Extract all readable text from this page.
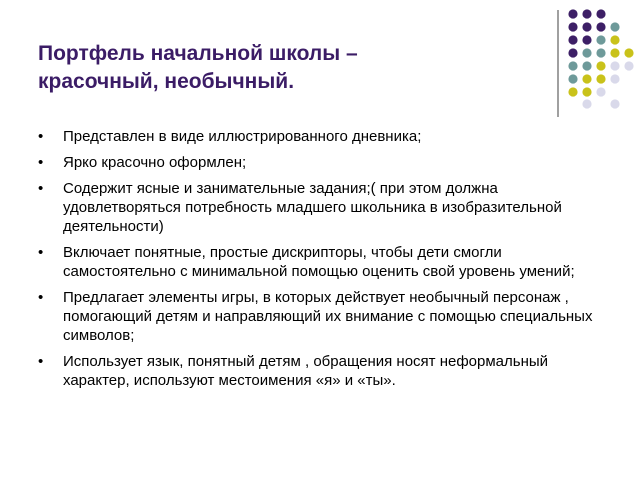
Портфель начальной школы –
красочный, необычный.
• Представлен в виде иллюстрированного дневника;
• Ярко красочно оформлен;
• Содержит ясные и занимательные задания;( при этом должна удовлетворяться потребность младшего школьника в изобразительной деятельности)
• Включает понятные, простые дискрипторы, чтобы дети смогли самостоятельно с минимальной помощью оценить свой уровень умений;
• Предлагает элементы игры, в которых действует необычный персонаж , помогающий детям и направляющий их внимание с помощью специальных символов;
• Использует язык, понятный детям , обращения носят неформальный характер, используют местоимения «я» и «ты».
